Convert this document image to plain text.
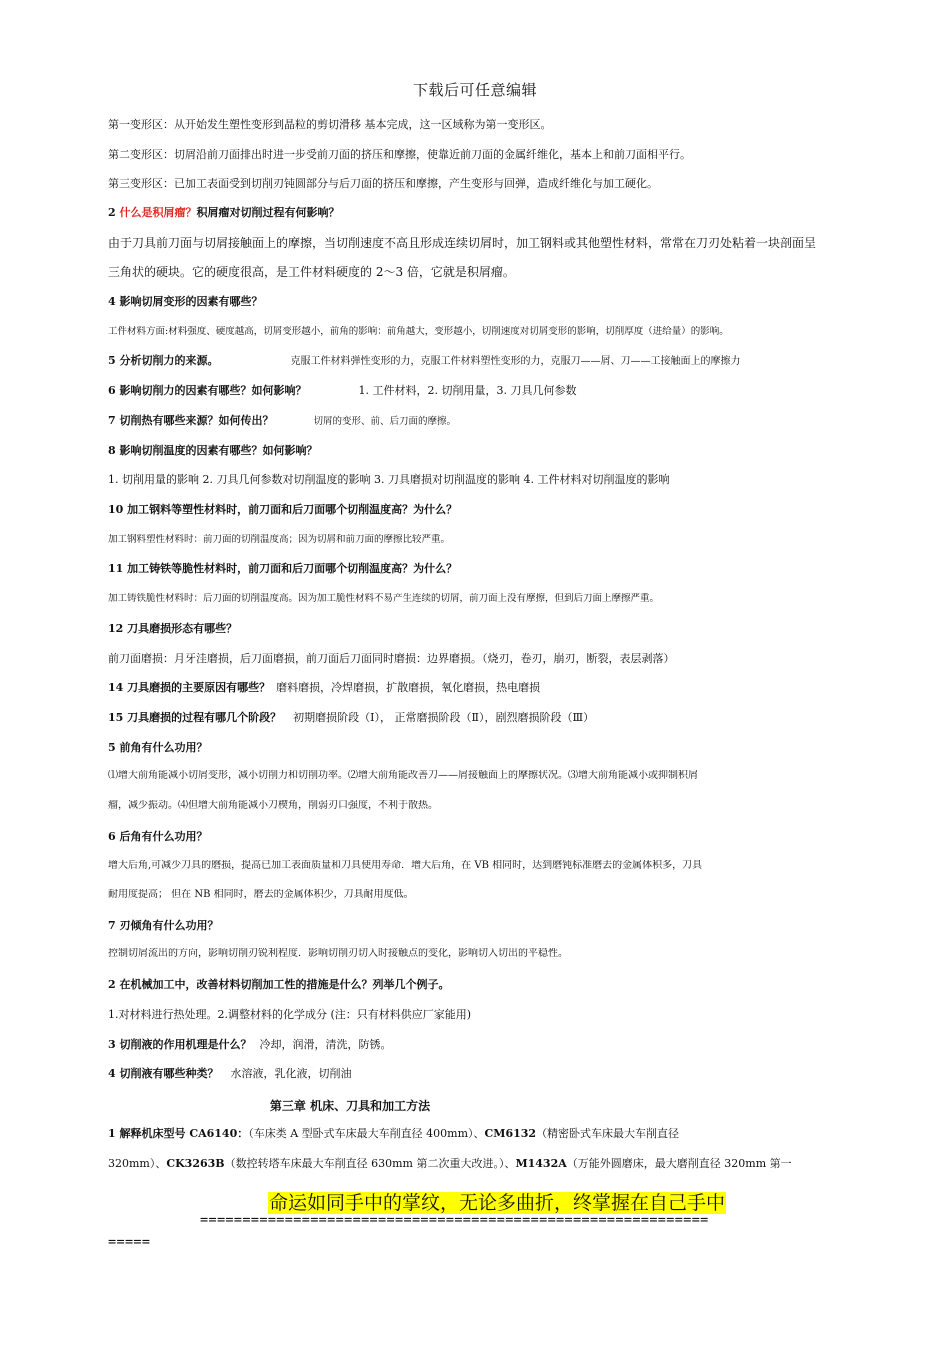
下载后可任意编辑
第一变形区：从开始发生塑性变形到晶粒的剪切滑移 基本完成，这一区域称为第一变形区。
第二变形区：切屑沿前刀面排出时进一步受前刀面的挤压和摩擦，使靠近前刀面的金属纤维化，基本上和前刀面相平行。
第三变形区：已加工表面受到切削刃钝圆部分与后刀面的挤压和摩擦，产生变形与回弹，造成纤维化与加工硬化。
2 什么是积屑瘤？积屑瘤对切削过程有何影响？
由于刀具前刀面与切屑接触面上的摩擦，当切削速度不高且形成连续切屑时，加工钢料或其他塑性材料，常常在刀刃处粘着一块剖面呈
三角状的硬块。它的硬度很高，是工件材料硬度的 2～3 倍，它就是积屑瘤。
4 影响切屑变形的因素有哪些？
工件材料方面:材料强度、硬度越高，切屑变形越小，前角的影响：前角越大，变形越小，切削速度对切屑变形的影响，切削厚度（进给量）的影响。
5 分析切削力的来源。	克服工件材料弹性变形的力，克服工件材料塑性变形的力，克服刀——屑、刀——工接触面上的摩擦力
6 影响切削力的因素有哪些？如何影响？	1. 工件材料，2. 切削用量，3. 刀具几何参数
7 切削热有哪些来源？如何传出？	切屑的变形、前、后刀面的摩擦。
8 影响切削温度的因素有哪些？如何影响？
1. 切削用量的影响 2. 刀具几何参数对切削温度的影响 3. 刀具磨损对切削温度的影响 4. 工件材料对切削温度的影响
10 加工钢料等塑性材料时，前刀面和后刀面哪个切削温度高？为什么？
加工钢料塑性材料时：前刀面的切削温度高；因为切屑和前刀面的摩擦比较严重。
11 加工铸铁等脆性材料时，前刀面和后刀面哪个切削温度高？为什么？
加工铸铁脆性材料时：后刀面的切削温度高。因为加工脆性材料不易产生连续的切屑，前刀面上没有摩擦，但到后刀面上摩擦严重。
12 刀具磨损形态有哪些？
前刀面磨损：月牙洼磨损，后刀面磨损，前刀面后刀面同时磨损：边界磨损。（烧刃，卷刃，崩刃，断裂，表层剥落）
14 刀具磨损的主要原因有哪些？ 磨料磨损，冷焊磨损，扩散磨损，氧化磨损，热电磨损
15 刀具磨损的过程有哪几个阶段？ 初期磨损阶段（Ⅰ）， 正常磨损阶段（Ⅱ），剧烈磨损阶段（Ⅲ）
5 前角有什么功用？
⑴增大前角能减小切屑变形，减小切削力和切削功率。⑵增大前角能改善刀——屑接触面上的摩擦状况。⑶增大前角能减小或抑制积屑
瘤，减少振动。⑷但增大前角能减小刀楔角，削弱刃口强度，不利于散热。
6 后角有什么功用？
增大后角,可减少刀具的磨损，提高已加工表面质量和刀具使用寿命．增大后角，在 VB 相同时，达到磨钝标准磨去的金属体积多，刀具
耐用度提高； 但在 NB 相同时，磨去的金属体积少，刀具耐用度低。
7 刃倾角有什么功用？
控制切屑流出的方向，影响切削刃锐利程度．影响切削刃切入时接触点的变化，影响切入切出的平稳性。
2 在机械加工中，改善材料切削加工性的措施是什么？列举几个例子。
1.对材料进行热处理。2.调整材料的化学成分 (注：只有材料供应厂家能用)
3 切削液的作用机理是什么？ 冷却，润滑，清洗，防锈。
4 切削液有哪些种类？ 水溶液，乳化液，切削油
第三章 机床、刀具和加工方法
1 解释机床型号 CA6140：（车床类 A 型卧式车床最大车削直径 400mm）、CM6132（精密卧式车床最大车削直径
320mm）、CK3263B（数控转塔车床最大车削直径 630mm 第二次重大改进。）、M1432A（万能外圆磨床，最大磨削直径 320mm 第一
命运如同手中的掌纹，无论多曲折，终掌握在自己手中
============================================================
=====
